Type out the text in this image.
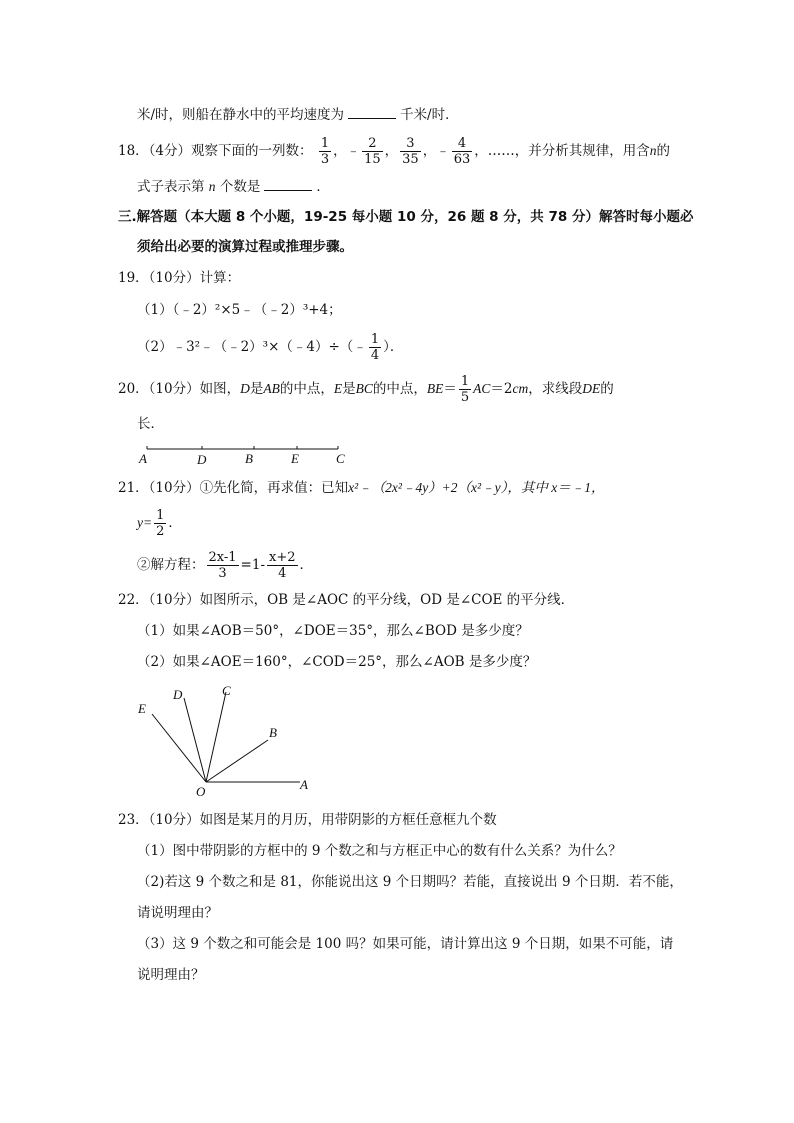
米/时，则船在静水中的平均速度为	千米/时．
18．（4分）观察下面的一列数： $\frac{1}{3}$ ，﹣ $\frac{2}{15}$ ， $\frac{3}{35}$ ，﹣ $\frac{4}{63}$ ，……，并分析其规律，用含n的
式子表示第 n 个数是	．
三.解答题（本大题 8 个小题，19-25 每小题 10 分，26 题 8 分，共 78 分）解答时每小题必
须给出必要的演算过程或推理步骤。
19．（10分）计算：
（1）（﹣2）²×5﹣（﹣2）³+4；
（2）﹣3²﹣（﹣2）³×（﹣4）÷（﹣ $\frac{1}{4}$ ）．
20．（10分）如图，D是AB的中点，E是BC的中点，$BE= \frac{1}{5} AC=2cm$，求线段DE的
长．
A	D	B	E	C
21．（10分）①先化简，再求值：已知x²﹣（2x²﹣4y）+2（x²﹣y），其中 x＝﹣1，
$y= \frac{1}{2}$ ．
②解方程： $\frac{2x-1}{3} =1- \frac{x+2}{4}$ ．
22．（10分）如图所示，OB 是∠AOC 的平分线，OD 是∠COE 的平分线．
（1）如果∠AOB＝50°，∠DOE＝35°，那么∠BOD 是多少度？
（2）如果∠AOE＝160°，∠COD＝25°，那么∠AOB 是多少度？
E
D	C
B
A
O
23．（10分）如图是某月的月历，用带阴影的方框任意框九个数
（1）图中带阴影的方框中的 9 个数之和与方框正中心的数有什么关系？为什么？
（2)若这 9 个数之和是 81，你能说出这 9 个日期吗？若能，直接说出 9 个日期．若不能，
请说明理由？
（3）这 9 个数之和可能会是 100 吗？如果可能，请计算出这 9 个日期，如果不可能，请
说明理由？
